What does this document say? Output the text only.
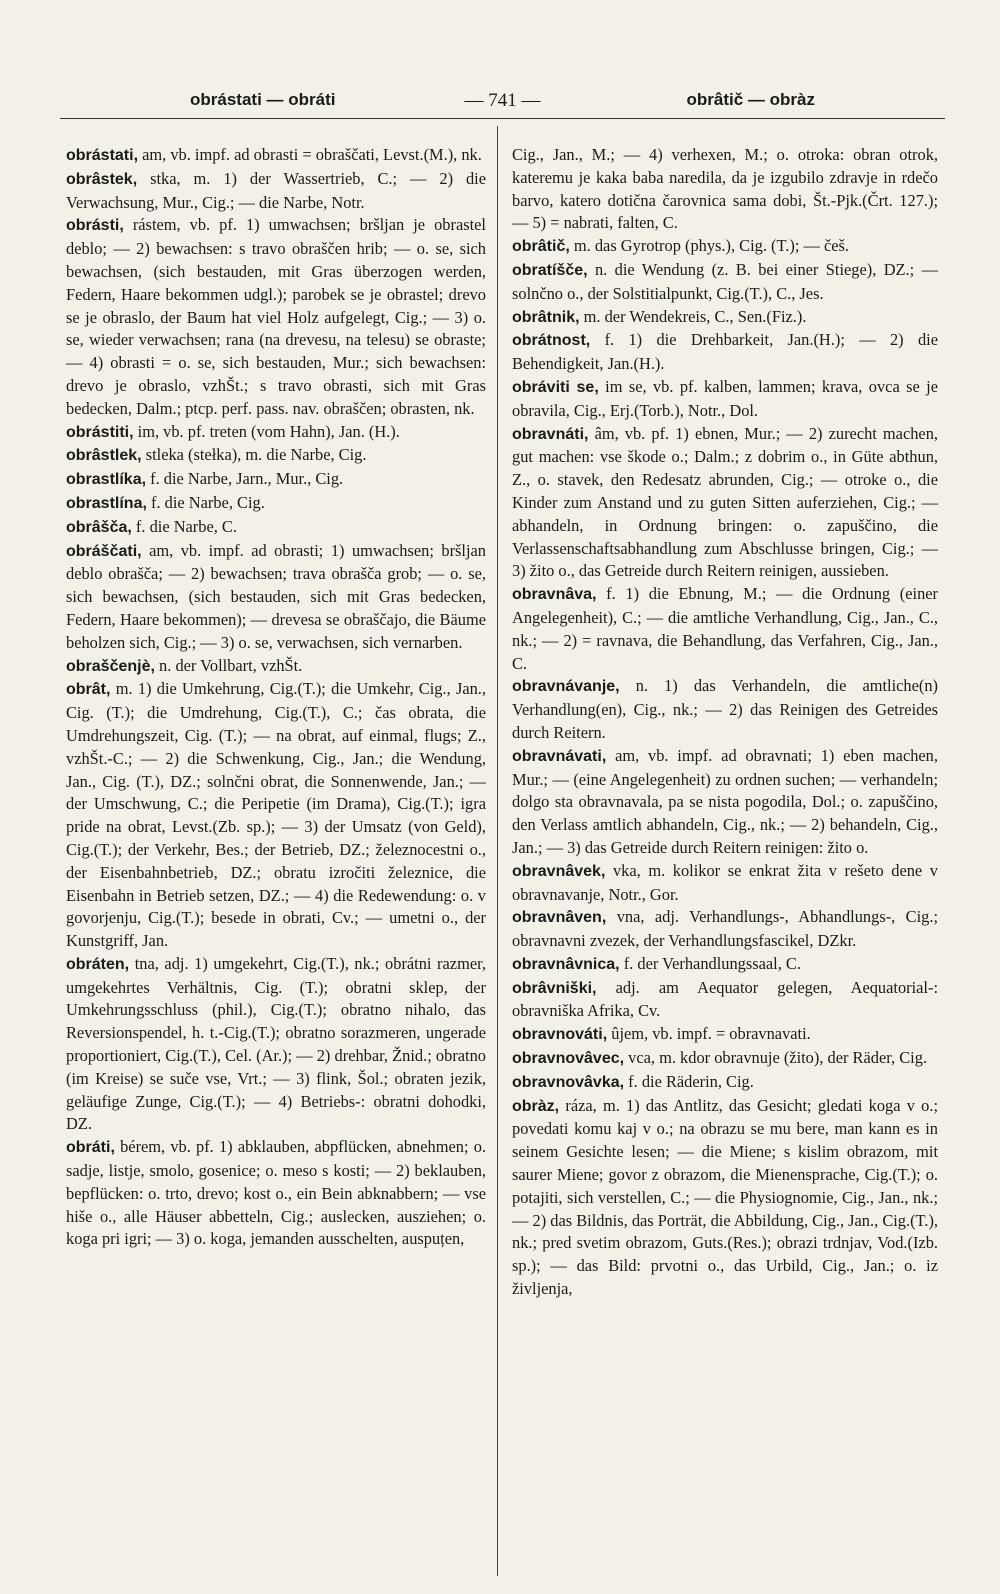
obrástati — obráti	— 741 —	obrâtič — obràz

obrástati, am, vb. impf. ad obrasti = obraščati, Levst.(M.), nk.

obrâstek, stka, m. 1) der Wassertrieb, C.; — 2) die Verwachsung, Mur., Cig.; — die Narbe, Notr.

obrásti, rástem, vb. pf. 1) umwachsen; bršljan je obrastel deblo; — 2) bewachsen: s travo obraščen hrib; — o. se, sich bewachsen, (sich bestauden, mit Gras überzogen werden, Federn, Haare bekommen udgl.); parobek se je obrastel; drevo se je obraslo, der Baum hat viel Holz aufgelegt, Cig.; — 3) o. se, wieder verwachsen; rana (na drevesu, na telesu) se obraste; — 4) obrasti = o. se, sich bestauden, Mur.; sich bewachsen: drevo je obraslo, vzhŠt.; s travo obrasti, sich mit Gras bedecken, Dalm.; ptcp. perf. pass. nav. obraščen; obrasten, nk.

obrástiti, im, vb. pf. treten (vom Hahn), Jan. (H.).

obrâstlek, stleka (stełka), m. die Narbe, Cig.

obrastlíka, f. die Narbe, Jarn., Mur., Cig.

obrastlína, f. die Narbe, Cig.

obrâšča, f. die Narbe, C.

obráščati, am, vb. impf. ad obrasti; 1) umwachsen; bršljan deblo obrašča; — 2) bewachsen; trava obrašča grob; — o. se, sich bewachsen, (sich bestauden, sich mit Gras bedecken, Federn, Haare bekommen); — drevesa se obraščajo, die Bäume beholzen sich, Cig.; — 3) o. se, verwachsen, sich vernarben.

obraščenjè, n. der Vollbart, vzhŠt.

obrât, m. 1) die Umkehrung, Cig.(T.); die Umkehr, Cig., Jan., Cig. (T.); die Umdrehung, Cig.(T.), C.; čas obrata, die Umdrehungszeit, Cig. (T.); — na obrat, auf einmal, flugs; Z., vzhŠt.-C.; — 2) die Schwenkung, Cig., Jan.; die Wendung, Jan., Cig. (T.), DZ.; solnčni obrat, die Sonnenwende, Jan.; — der Umschwung, C.; die Peripetie (im Drama), Cig.(T.); igra pride na obrat, Levst.(Zb. sp.); — 3) der Umsatz (von Geld), Cig.(T.); der Verkehr, Bes.; der Betrieb, DZ.; železnocestni o., der Eisenbahnbetrieb, DZ.; obratu izročiti železnice, die Eisenbahn in Betrieb setzen, DZ.; — 4) die Redewendung: o. v govorjenju, Cig.(T.); besede in obrati, Cv.; — umetni o., der Kunstgriff, Jan.

obráten, tna, adj. 1) umgekehrt, Cig.(T.), nk.; obrátni razmer, umgekehrtes Verhältnis, Cig. (T.); obratni sklep, der Umkehrungsschluss (phil.), Cig.(T.); obratno nihalo, das Reversionspendel, h. t.-Cig.(T.); obratno sorazmeren, ungerade proportioniert, Cig.(T.), Cel. (Ar.); — 2) drehbar, Žnid.; obratno (im Kreise) se suče vse, Vrt.; — 3) flink, Šol.; obraten jezik, geläufige Zunge, Cig.(T.); — 4) Betriebs-: obratni dohodki, DZ.

obráti, bérem, vb. pf. 1) abklauben, abpflücken, abnehmen; o. sadje, listje, smolo, gosenice; o. meso s kosti; — 2) beklauben, bepflücken: o. trto, drevo; kost o., ein Bein abknabbern; — vse hiše o., alle Häuser abbetteln, Cig.; auslecken, ausziehen; o. koga pri igri; — 3) o. koga, jemanden ausschelten, auspuțen,

Cig., Jan., M.; — 4) verhexen, M.; o. otroka: obran otrok, kateremu je kaka baba naredila, da je izgubilo zdravje in rdečo barvo, katero dotična čarovnica sama dobi, Št.-Pjk.(Črt. 127.); — 5) = nabrati, falten, C.

obrâtič, m. das Gyrotrop (phys.), Cig. (T.); — češ.

obratíšče, n. die Wendung (z. B. bei einer Stiege), DZ.; — solnčno o., der Solstitialpunkt, Cig.(T.), C., Jes.

obrâtnik, m. der Wendekreis, C., Sen.(Fiz.).

obrátnost, f. 1) die Drehbarkeit, Jan.(H.); — 2) die Behendigkeit, Jan.(H.).

obráviti se, im se, vb. pf. kalben, lammen; krava, ovca se je obravila, Cig., Erj.(Torb.), Notr., Dol.

obravnáti, âm, vb. pf. 1) ebnen, Mur.; — 2) zurecht machen, gut machen: vse škode o.; Dalm.; z dobrim o., in Güte abthun, Z., o. stavek, den Redesatz abrunden, Cig.; — otroke o., die Kinder zum Anstand und zu guten Sitten auferziehen, Cig.; — abhandeln, in Ordnung bringen: o. zapuščino, die Verlassenschaftsabhandlung zum Abschlusse bringen, Cig.; — 3) žito o., das Getreide durch Reitern reinigen, aussieben.

obravnâva, f. 1) die Ebnung, M.; — die Ordnung (einer Angelegenheit), C.; — die amtliche Verhandlung, Cig., Jan., C., nk.; — 2) = ravnava, die Behandlung, das Verfahren, Cig., Jan., C.

obravnávanje, n. 1) das Verhandeln, die amtliche(n) Verhandlung(en), Cig., nk.; — 2) das Reinigen des Getreides durch Reitern.

obravnávati, am, vb. impf. ad obravnati; 1) eben machen, Mur.; — (eine Angelegenheit) zu ordnen suchen; — verhandeln; dolgo sta obravnavala, pa se nista pogodila, Dol.; o. zapuščino, den Verlass amtlich abhandeln, Cig., nk.; — 2) behandeln, Cig., Jan.; — 3) das Getreide durch Reitern reinigen: žito o.

obravnâvek, vka, m. kolikor se enkrat žita v rešeto dene v obravnavanje, Notr., Gor.

obravnâven, vna, adj. Verhandlungs-, Abhandlungs-, Cig.; obravnavni zvezek, der Verhandlungsfascikel, DZkr.

obravnâvnica, f. der Verhandlungssaal, C.

obrâvniški, adj. am Aequator gelegen, Aequatorial-: obravniška Afrika, Cv.

obravnováti, ûjem, vb. impf. = obravnavati.

obravnovâvec, vca, m. kdor obravnuje (žito), der Räder, Cig.

obravnovâvka, f. die Räderin, Cig.

obràz, ráza, m. 1) das Antlitz, das Gesicht; gledati koga v o.; povedati komu kaj v o.; na obrazu se mu bere, man kann es in seinem Gesichte lesen; — die Miene; s kislim obrazom, mit saurer Miene; govor z obrazom, die Mienensprache, Cig.(T.); o. potajiti, sich verstellen, C.; — die Physiognomie, Cig., Jan., nk.; — 2) das Bildnis, das Porträt, die Abbildung, Cig., Jan., Cig.(T.), nk.; pred svetim obrazom, Guts.(Res.); obrazi trdnjav, Vod.(Izb. sp.); — das Bild: prvotni o., das Urbild, Cig., Jan.; o. iz življenja,
